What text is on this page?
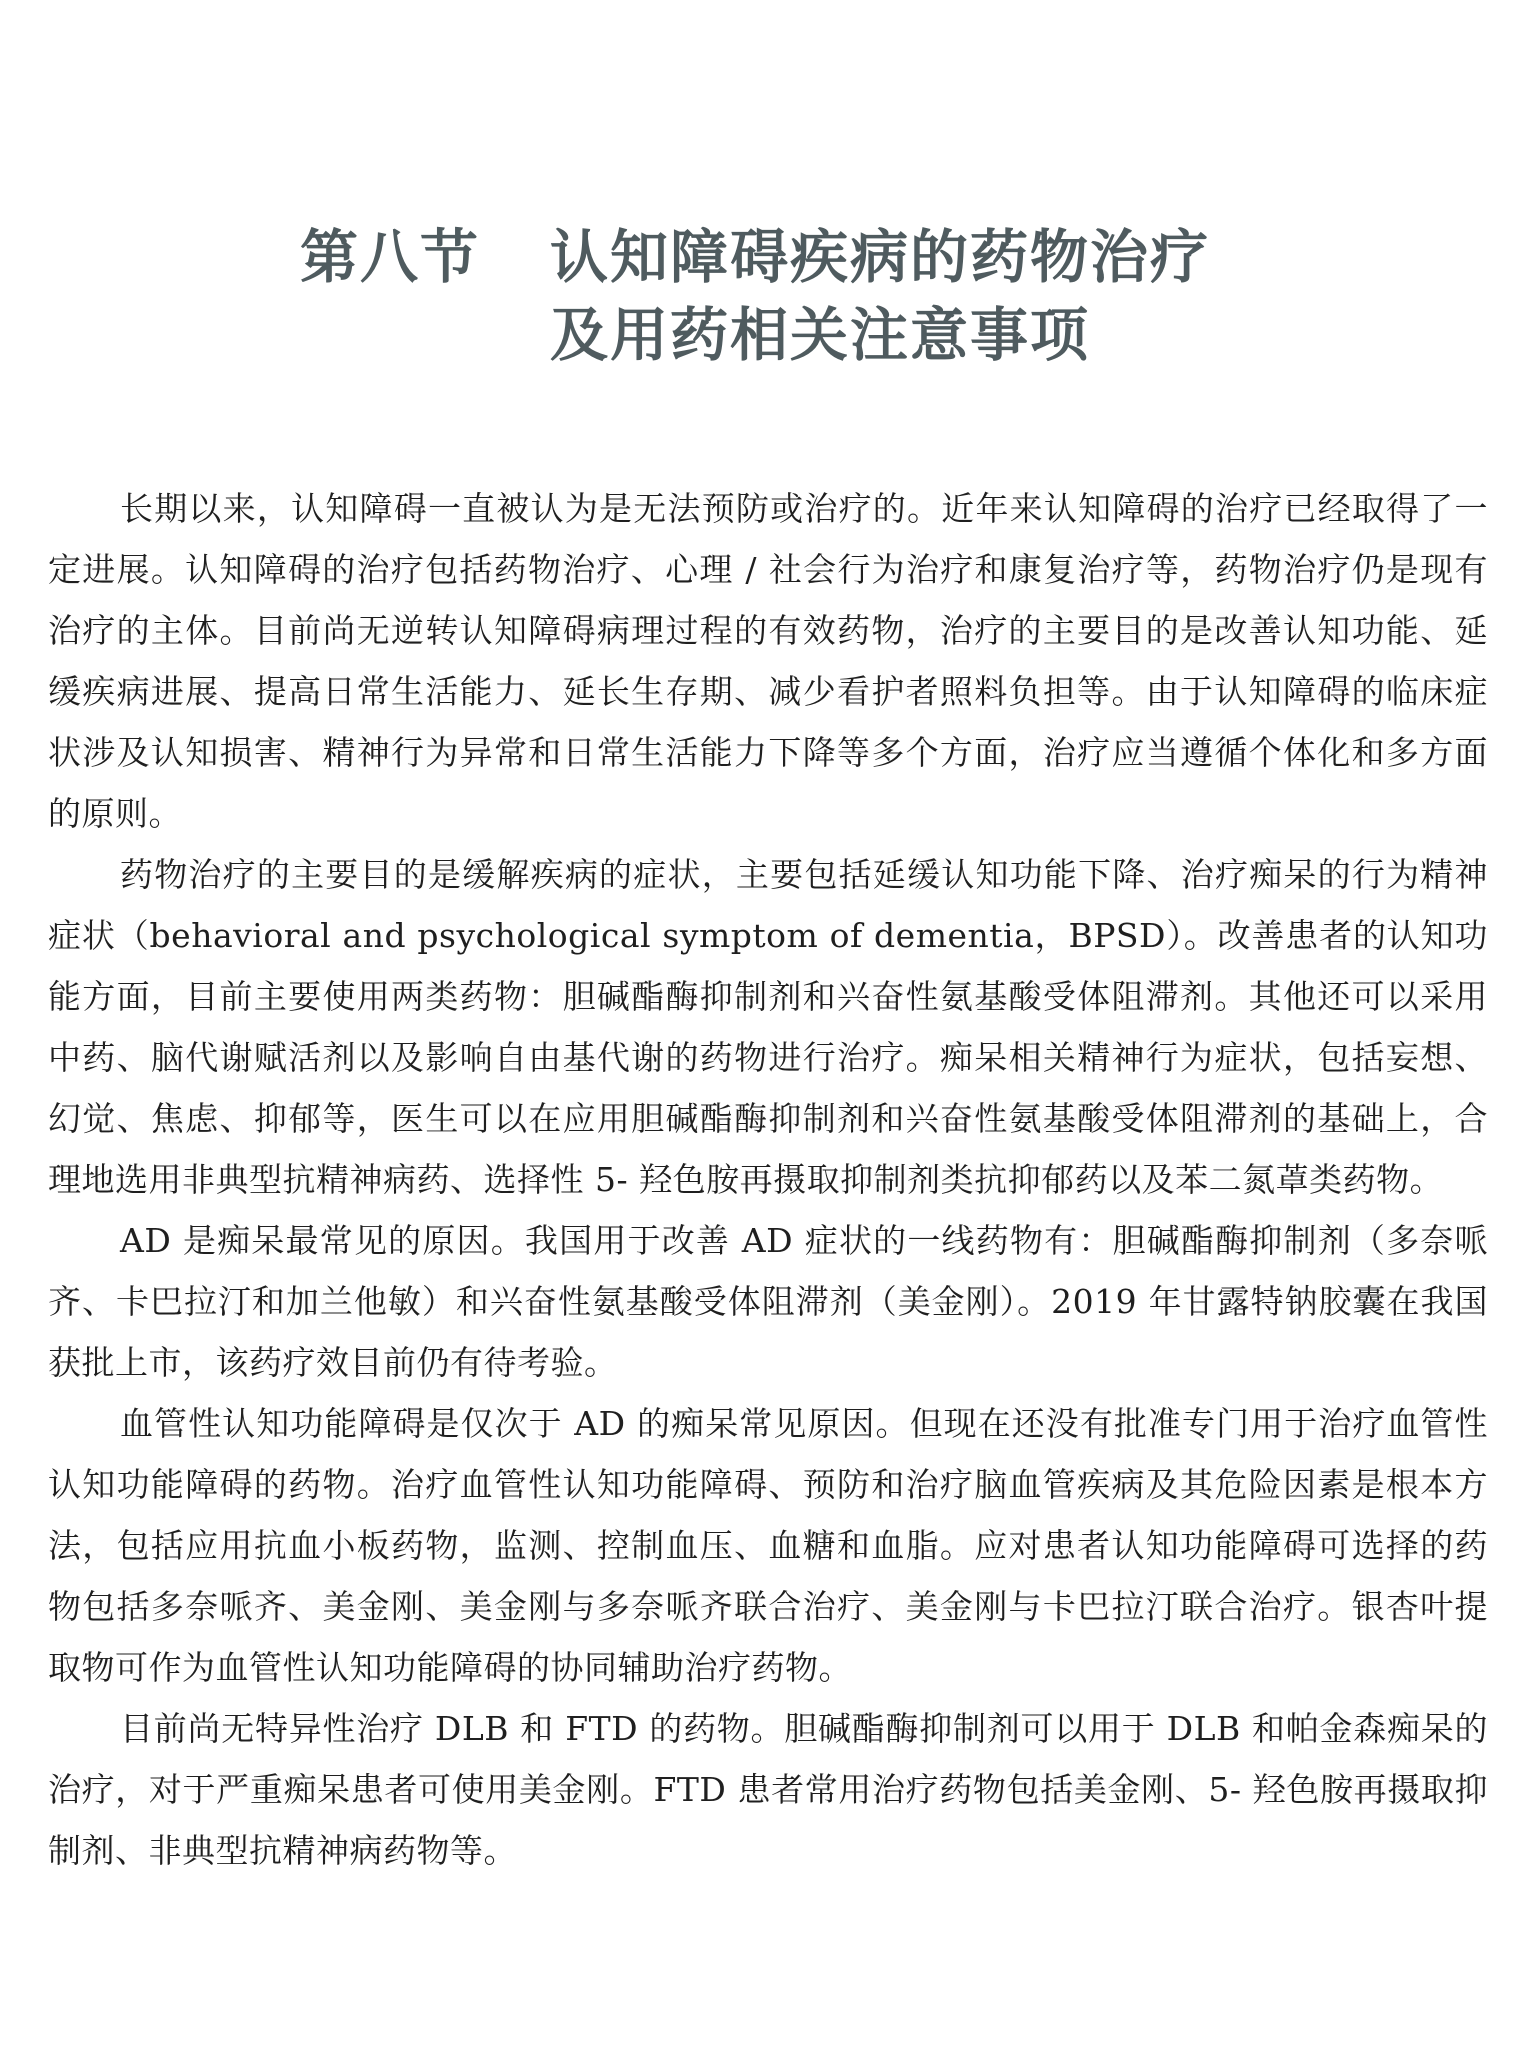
第八节 认知障碍疾病的药物治疗
及用药相关注意事项

长期以来，认知障碍一直被认为是无法预防或治疗的。近年来认知障碍的治疗已经取得了一定进展。认知障碍的治疗包括药物治疗、心理 / 社会行为治疗和康复治疗等，药物治疗仍是现有治疗的主体。目前尚无逆转认知障碍病理过程的有效药物，治疗的主要目的是改善认知功能、延缓疾病进展、提高日常生活能力、延长生存期、减少看护者照料负担等。由于认知障碍的临床症状涉及认知损害、精神行为异常和日常生活能力下降等多个方面，治疗应当遵循个体化和多方面的原则。

药物治疗的主要目的是缓解疾病的症状，主要包括延缓认知功能下降、治疗痴呆的行为精神症状（behavioral and psychological symptom of dementia，BPSD）。改善患者的认知功能方面，目前主要使用两类药物：胆碱酯酶抑制剂和兴奋性氨基酸受体阻滞剂。其他还可以采用中药、脑代谢赋活剂以及影响自由基代谢的药物进行治疗。痴呆相关精神行为症状，包括妄想、幻觉、焦虑、抑郁等，医生可以在应用胆碱酯酶抑制剂和兴奋性氨基酸受体阻滞剂的基础上，合理地选用非典型抗精神病药、选择性 5- 羟色胺再摄取抑制剂类抗抑郁药以及苯二氮䓬类药物。

AD 是痴呆最常见的原因。我国用于改善 AD 症状的一线药物有：胆碱酯酶抑制剂（多奈哌齐、卡巴拉汀和加兰他敏）和兴奋性氨基酸受体阻滞剂（美金刚）。2019 年甘露特钠胶囊在我国获批上市，该药疗效目前仍有待考验。

血管性认知功能障碍是仅次于 AD 的痴呆常见原因。但现在还没有批准专门用于治疗血管性认知功能障碍的药物。治疗血管性认知功能障碍、预防和治疗脑血管疾病及其危险因素是根本方法，包括应用抗血小板药物，监测、控制血压、血糖和血脂。应对患者认知功能障碍可选择的药物包括多奈哌齐、美金刚、美金刚与多奈哌齐联合治疗、美金刚与卡巴拉汀联合治疗。银杏叶提取物可作为血管性认知功能障碍的协同辅助治疗药物。

目前尚无特异性治疗 DLB 和 FTD 的药物。胆碱酯酶抑制剂可以用于 DLB 和帕金森痴呆的治疗，对于严重痴呆患者可使用美金刚。FTD 患者常用治疗药物包括美金刚、5- 羟色胺再摄取抑制剂、非典型抗精神病药物等。
